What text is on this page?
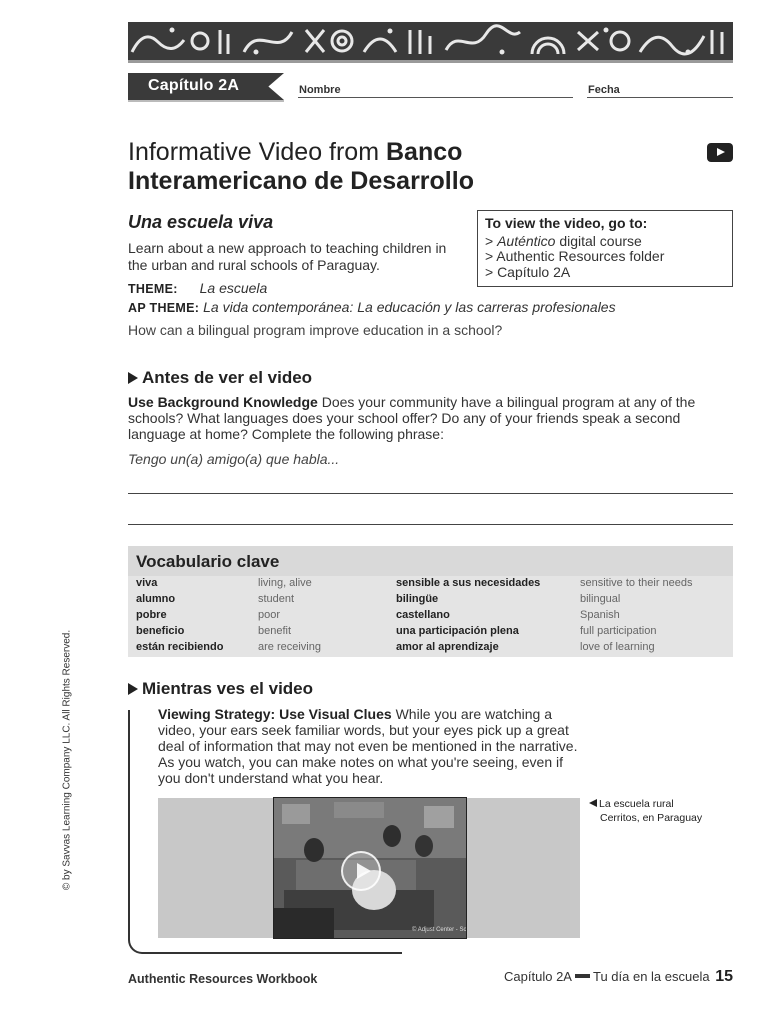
Capítulo 2A	Nombre	Fecha
Informative Video from Banco
Interamericano de Desarrollo
Una escuela viva
Learn about a new approach to teaching children in the urban and rural schools of Paraguay.
To view the video, go to:
> Auténtico digital course
> Authentic Resources folder
> Capítulo 2A
THEME: La escuela
AP THEME: La vida contemporánea: La educación y las carreras profesionales
How can a bilingual program improve education in a school?
Antes de ver el video
Use Background Knowledge Does your community have a bilingual program at any of the schools? What languages does your school offer? Do any of your friends speak a second language at home? Complete the following phrase:
Tengo un(a) amigo(a) que habla...
Vocabulario clave
viva	living, alive	sensible a sus necesidades	sensitive to their needs
alumno	student	bilingüe	bilingual
pobre	poor	castellano	Spanish
beneficio	benefit	una participación plena	full participation
están recibiendo	are receiving	amor al aprendizaje	love of learning
Mientras ves el video
Viewing Strategy: Use Visual Clues While you are watching a video, your ears seek familiar words, but your eyes pick up a great deal of information that may not even be mentioned in the narrative. As you watch, you can make notes on what you're seeing, even if you don't understand what you hear.
© Adjust Center - Sc
La escuela rural
Cerritos, en Paraguay
© by Savvas Learning Company LLC. All Rights Reserved.
Authentic Resources Workbook	Capítulo 2A Tu día en la escuela 15
